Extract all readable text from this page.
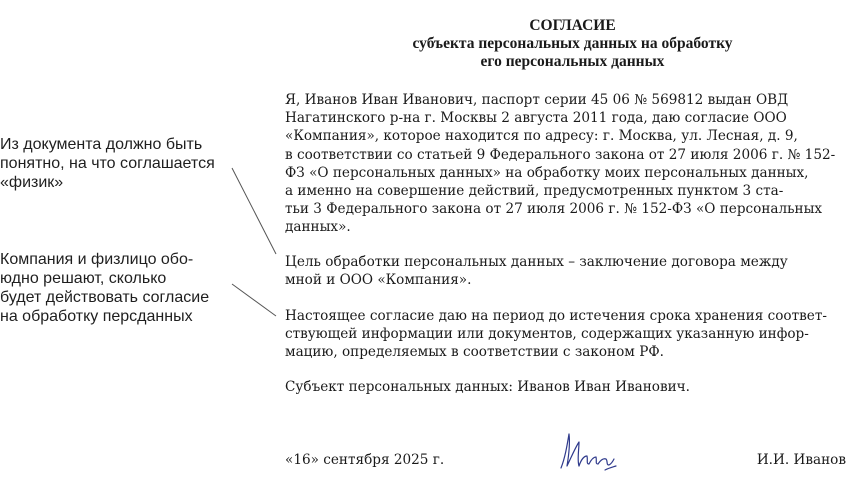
Из документа должно быть
понятно, на что соглашается
«физик»
Компания и физлицо обо-
юдно решают, сколько
будет действовать согласие
на обработку персданных
СОГЛАСИЕ
субъекта персональных данных на обработку
его персональных данных
Я, Иванов Иван Иванович, паспорт серии 45 06 № 569812 выдан ОВД
Нагатинского р-на г. Москвы 2 августа 2011 года, даю согласие ООО
«Компания», которое находится по адресу: г. Москва, ул. Лесная, д. 9,
в соответствии со статьей 9 Федерального закона от 27 июля 2006 г. № 152-
ФЗ «О персональных данных» на обработку моих персональных данных,
а именно на совершение действий, предусмотренных пунктом 3 ста-
тьи 3 Федерального закона от 27 июля 2006 г. № 152-ФЗ «О персональных
данных».
Цель обработки персональных данных – заключение договора между
мной и ООО «Компания».
Настоящее согласие даю на период до истечения срока хранения соответ-
ствующей информации или документов, содержащих указанную инфор-
мацию, определяемых в соответствии с законом РФ.
Субъект персональных данных: Иванов Иван Иванович.
«16» сентября 2025 г.	И.И. Иванов
